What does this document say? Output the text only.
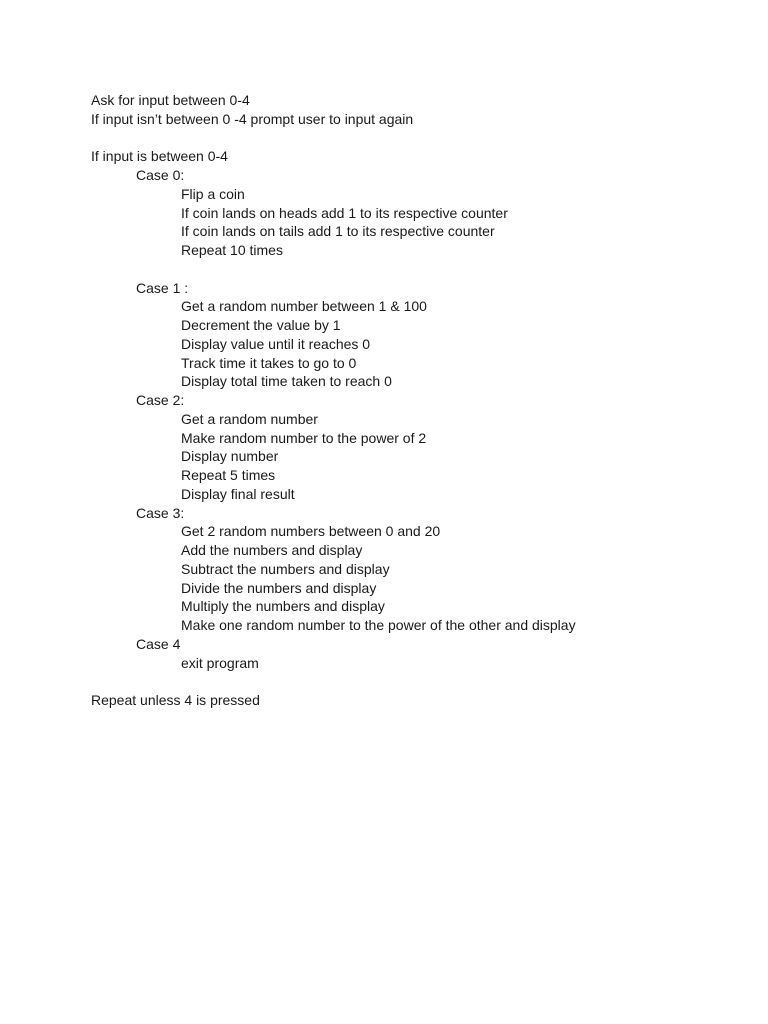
Ask for input between 0-4
If input isn’t between 0 -4 prompt user to input again
If input is between 0-4
Case 0:
Flip a coin
If coin lands on heads add 1 to its respective counter
If coin lands on tails add 1 to its respective counter
Repeat 10 times
Case 1 :
Get a random number between 1 & 100
Decrement the value by 1
Display value until it reaches 0
Track time it takes to go to 0
Display total time taken to reach 0
Case 2:
Get a random number
Make random number to the power of 2
Display number
Repeat 5 times
Display final result
Case 3:
Get 2 random numbers between 0 and 20
Add the numbers and display
Subtract the numbers and display
Divide the numbers and display
Multiply the numbers and display
Make one random number to the power of the other and display
Case 4
exit program
Repeat unless 4 is pressed
